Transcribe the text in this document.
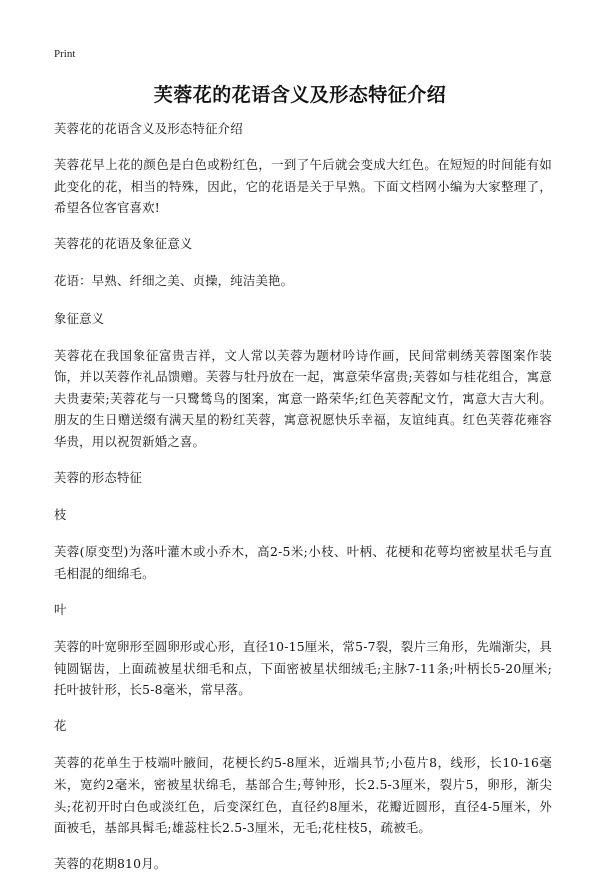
Print
芙蓉花的花语含义及形态特征介绍

芙蓉花的花语含义及形态特征介绍

芙蓉花早上花的颜色是白色或粉红色，一到了午后就会变成大红色。在短短的时间能有如此变化的花，相当的特殊，因此，它的花语是关于早熟。下面文档网小编为大家整理了，希望各位客官喜欢!

芙蓉花的花语及象征意义

花语：早熟、纤细之美、贞操，纯洁美艳。

象征意义

芙蓉花在我国象征富贵吉祥，文人常以芙蓉为题材吟诗作画，民间常刺绣芙蓉图案作装饰，并以芙蓉作礼品馈赠。芙蓉与牡丹放在一起，寓意荣华富贵;芙蓉如与桂花组合，寓意夫贵妻荣;芙蓉花与一只鹭鸶鸟的图案，寓意一路荣华;红色芙蓉配文竹，寓意大吉大利。朋友的生日赠送缀有满天星的粉红芙蓉，寓意祝愿快乐幸福，友谊纯真。红色芙蓉花雍容华贵，用以祝贺新婚之喜。

芙蓉的形态特征

枝

芙蓉(原变型)为落叶灌木或小乔木，高2-5米;小枝、叶柄、花梗和花萼均密被星状毛与直毛相混的细绵毛。

叶

芙蓉的叶宽卵形至圆卵形或心形，直径10-15厘米，常5-7裂，裂片三角形，先端渐尖，具钝圆锯齿，上面疏被星状细毛和点，下面密被星状细绒毛;主脉7-11条;叶柄长5-20厘米;托叶披针形，长5-8毫米，常早落。

花

芙蓉的花单生于枝端叶腋间，花梗长约5-8厘米，近端具节;小苞片8，线形，长10-16毫米，宽约2毫米，密被星状绵毛，基部合生;萼钟形，长2.5-3厘米，裂片5，卵形，渐尖头;花初开时白色或淡红色，后变深红色，直径约8厘米，花瓣近圆形，直径4-5厘米，外面被毛，基部具髯毛;雄蕊柱长2.5-3厘米，无毛;花柱枝5，疏被毛。

芙蓉的花期810月。
